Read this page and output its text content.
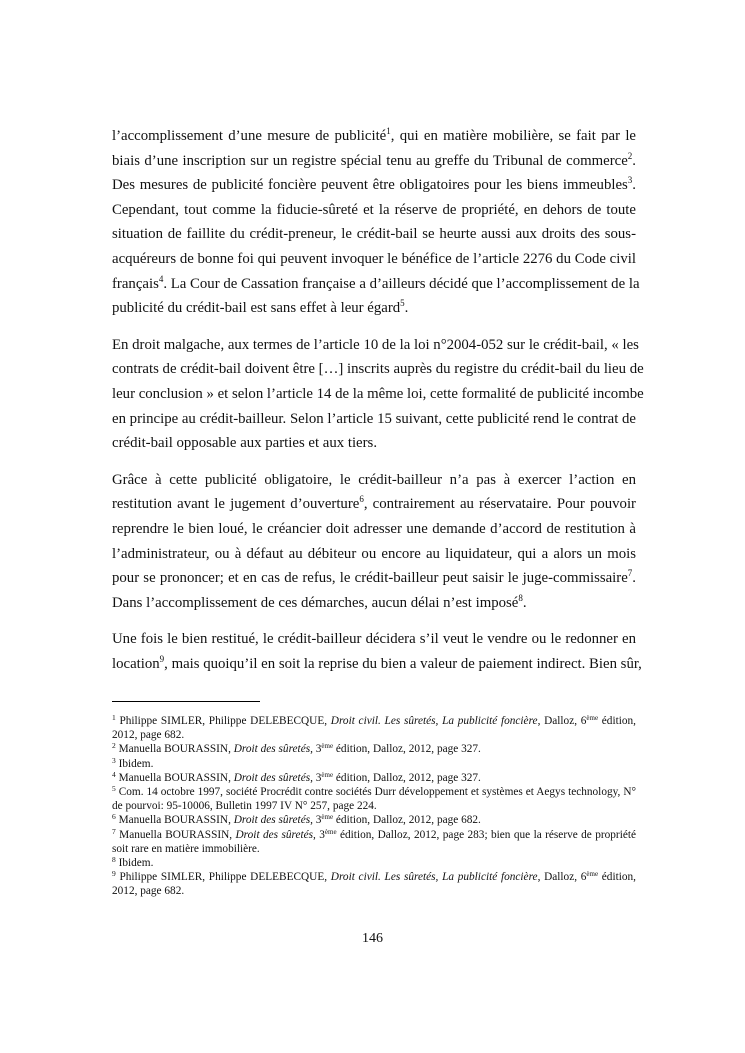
l’accomplissement d’une mesure de publicité$^1$, qui en matière mobilière, se fait par le
biais d’une inscription sur un registre spécial tenu au greffe du Tribunal de commerce$^2$.
Des mesures de publicité foncière peuvent être obligatoires pour les biens immeubles$^3$.
Cependant, tout comme la fiducie-sûreté et la réserve de propriété, en dehors de toute
situation de faillite du crédit-preneur, le crédit-bail se heurte aussi aux droits des sous-
acquéreurs de bonne foi qui peuvent invoquer le bénéfice de l’article 2276 du Code civil
français$^4$. La Cour de Cassation française a d’ailleurs décidé que l’accomplissement de la
publicité du crédit-bail est sans effet à leur égard$^5$.
En droit malgache, aux termes de l’article 10 de la loi n°2004-052 sur le crédit-bail, « les
contrats de crédit-bail doivent être […] inscrits auprès du registre du crédit-bail du lieu de
leur conclusion » et selon l’article 14 de la même loi, cette formalité de publicité incombe
en principe au crédit-bailleur. Selon l’article 15 suivant, cette publicité rend le contrat de
crédit-bail opposable aux parties et aux tiers.
Grâce à cette publicité obligatoire, le crédit-bailleur n’a pas à exercer l’action en
restitution avant le jugement d’ouverture$^6$, contrairement au réservataire. Pour pouvoir
reprendre le bien loué, le créancier doit adresser une demande d’accord de restitution à
l’administrateur, ou à défaut au débiteur ou encore au liquidateur, qui a alors un mois
pour se prononcer; et en cas de refus, le crédit-bailleur peut saisir le juge-commissaire$^7$.
Dans l’accomplissement de ces démarches, aucun délai n’est imposé$^8$.
Une fois le bien restitué, le crédit-bailleur décidera s’il veut le vendre ou le redonner en
location$^9$, mais quoiqu’il en soit la reprise du bien a valeur de paiement indirect. Bien sûr,
$^1$ Philippe SIMLER, Philippe DELEBECQUE, Droit civil. Les sûretés, La publicité foncière, Dalloz, 6ème édition, 2012, page 682.
$^2$ Manuella BOURASSIN, Droit des sûretés, 3ème édition, Dalloz, 2012, page 327.
$^3$ Ibidem.
$^4$ Manuella BOURASSIN, Droit des sûretés, 3ème édition, Dalloz, 2012, page 327.
$^5$ Com. 14 octobre 1997, société Procrédit contre sociétés Durr développement et systèmes et Aegys technology, N° de pourvoi: 95-10006, Bulletin 1997 IV N° 257, page 224.
$^6$ Manuella BOURASSIN, Droit des sûretés, 3ème édition, Dalloz, 2012, page 682.
$^7$ Manuella BOURASSIN, Droit des sûretés, 3ème édition, Dalloz, 2012, page 283; bien que la réserve de propriété soit rare en matière immobilière.
$^8$ Ibidem.
$^9$ Philippe SIMLER, Philippe DELEBECQUE, Droit civil. Les sûretés, La publicité foncière, Dalloz, 6ème édition, 2012, page 682.
146
